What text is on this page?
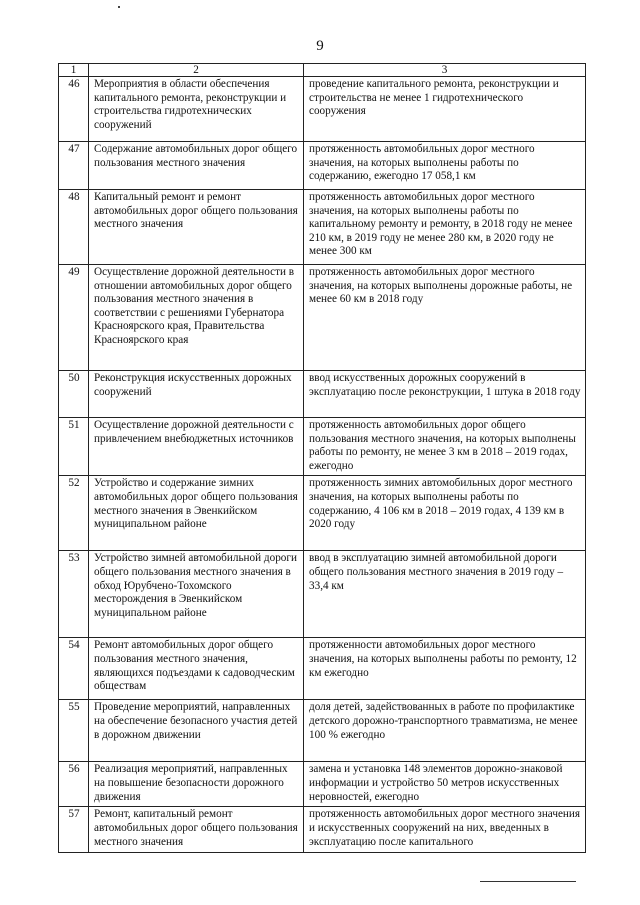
9
1	2	3
46	Мероприятия в области обеспечения капитального ремонта, реконструкции и строительства гидротехнических сооружений	проведение капитального ремонта, реконструкции и строительства не менее 1 гидротехнического сооружения
47	Содержание автомобильных дорог общего пользования местного значения	протяженность автомобильных дорог местного значения, на которых выполнены работы по содержанию, ежегодно 17 058,1 км
48	Капитальный ремонт и ремонт автомобильных дорог общего пользования местного значения	протяженность автомобильных дорог местного значения, на которых выполнены работы по капитальному ремонту и ремонту, в 2018 году не менее 210 км, в 2019 году не менее 280 км, в 2020 году не менее 300 км
49	Осуществление дорожной деятельности в отношении автомобильных дорог общего пользования местного значения в соответствии с решениями Губернатора Красноярского края, Правительства Красноярского края	протяженность автомобильных дорог местного значения, на которых выполнены дорожные работы, не менее 60 км в 2018 году
50	Реконструкция искусственных дорожных сооружений	ввод искусственных дорожных сооружений в эксплуатацию после реконструкции, 1 штука в 2018 году
51	Осуществление дорожной деятельности с привлечением внебюджетных источников	протяженность автомобильных дорог общего пользования местного значения, на которых выполнены работы по ремонту, не менее 3 км в 2018 – 2019 годах, ежегодно
52	Устройство и содержание зимних автомобильных дорог общего пользования местного значения в Эвенкийском муниципальном районе	протяженность зимних автомобильных дорог местного значения, на которых выполнены работы по содержанию, 4 106 км в 2018 – 2019 годах, 4 139 км в 2020 году
53	Устройство зимней автомобильной дороги общего пользования местного значения в обход Юрубчено-Тохомского месторождения в Эвенкийском муниципальном районе	ввод в эксплуатацию зимней автомобильной дороги общего пользования местного значения в 2019 году – 33,4 км
54	Ремонт автомобильных дорог общего пользования местного значения, являющихся подъездами к садоводческим обществам	протяженности автомобильных дорог местного значения, на которых выполнены работы по ремонту, 12 км ежегодно
55	Проведение мероприятий, направленных на обеспечение безопасного участия детей в дорожном движении	доля детей, задействованных в работе по профилактике детского дорожно-транспортного травматизма, не менее 100 % ежегодно
56	Реализация мероприятий, направленных на повышение безопасности дорожного движения	замена и установка 148 элементов дорожно-знаковой информации и устройство 50 метров искусственных неровностей, ежегодно
57	Ремонт, капитальный ремонт автомобильных дорог общего пользования местного значения	протяженность автомобильных дорог местного значения и искусственных сооружений на них, введенных в эксплуатацию после капитального
